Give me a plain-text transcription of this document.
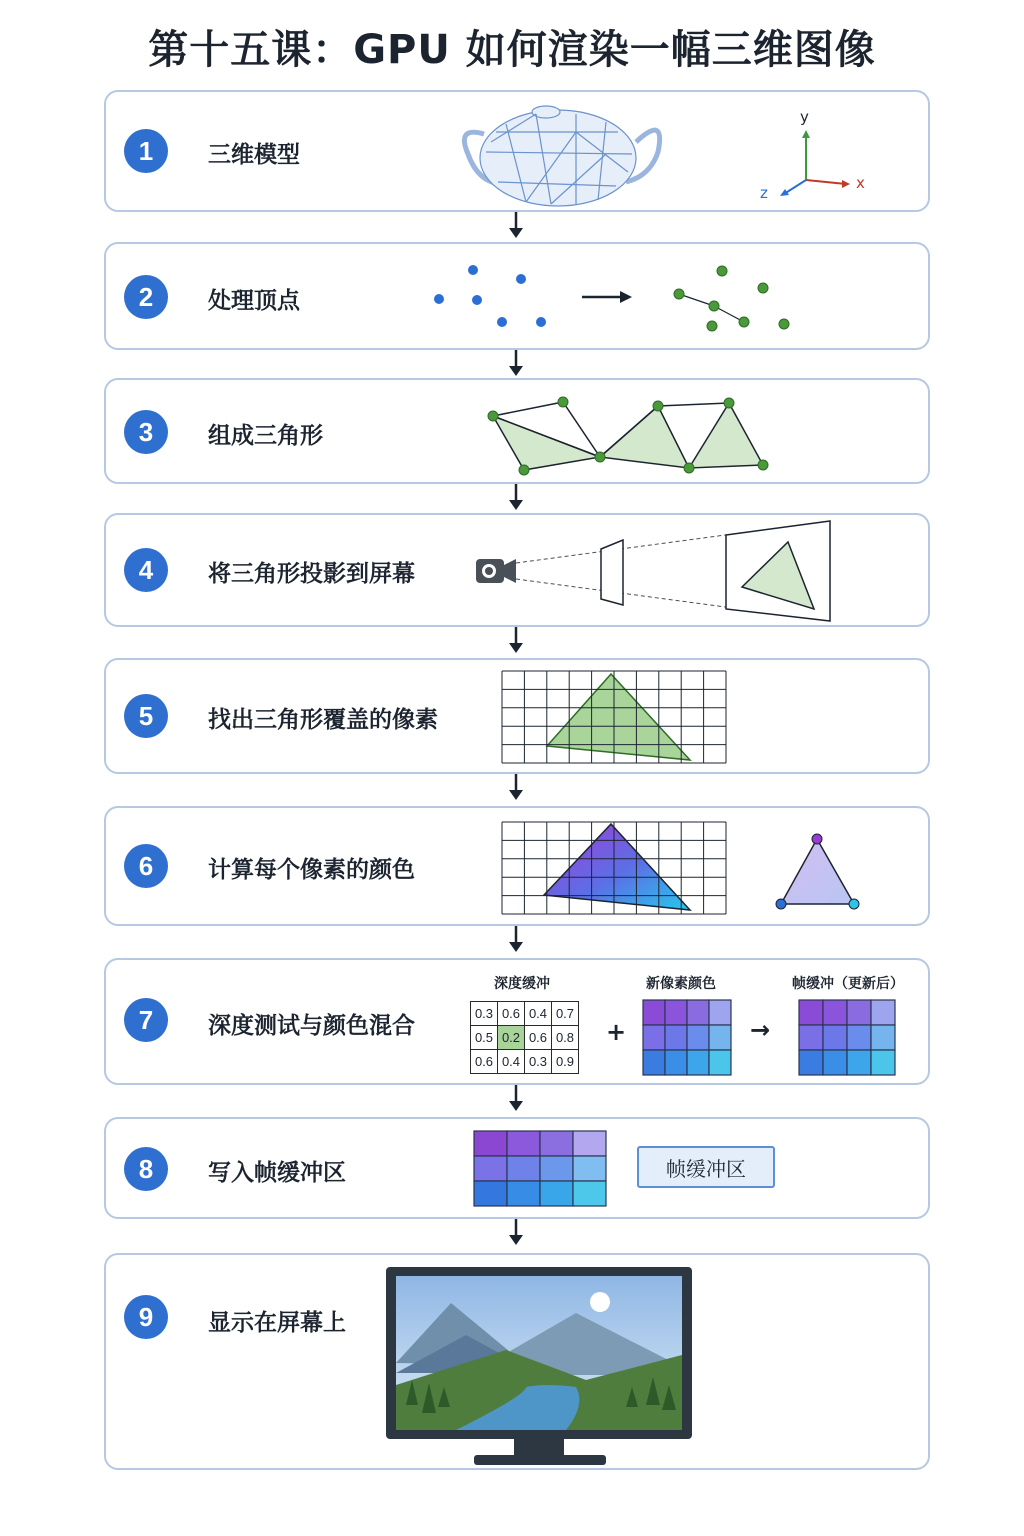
第十五课：GPU 如何渲染一幅三维图像
1	三维模型
y
x
z
2	处理顶点
3	组成三角形
4	将三角形投影到屏幕
5	找出三角形覆盖的像素
6	计算每个像素的颜色
7	深度测试与颜色混合
深度缓冲
0.3	0.6	0.4	0.7
0.5	0.2	0.6	0.8
0.6	0.4	0.3	0.9
+
新像素颜色
→
帧缓冲（更新后）
8	写入帧缓冲区	帧缓冲区
9	显示在屏幕上
